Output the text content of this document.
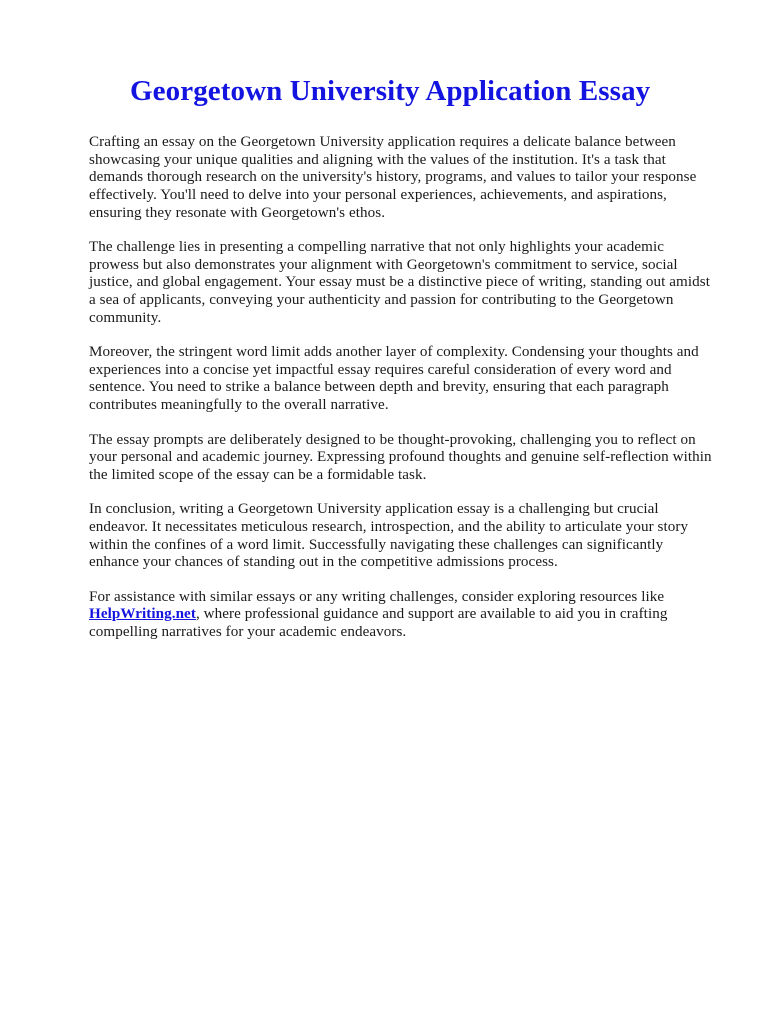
Georgetown University Application Essay

Crafting an essay on the Georgetown University application requires a delicate balance between showcasing your unique qualities and aligning with the values of the institution. It's a task that demands thorough research on the university's history, programs, and values to tailor your response effectively. You'll need to delve into your personal experiences, achievements, and aspirations, ensuring they resonate with Georgetown's ethos.

The challenge lies in presenting a compelling narrative that not only highlights your academic prowess but also demonstrates your alignment with Georgetown's commitment to service, social justice, and global engagement. Your essay must be a distinctive piece of writing, standing out amidst a sea of applicants, conveying your authenticity and passion for contributing to the Georgetown community.

Moreover, the stringent word limit adds another layer of complexity. Condensing your thoughts and experiences into a concise yet impactful essay requires careful consideration of every word and sentence. You need to strike a balance between depth and brevity, ensuring that each paragraph contributes meaningfully to the overall narrative.

The essay prompts are deliberately designed to be thought-provoking, challenging you to reflect on your personal and academic journey. Expressing profound thoughts and genuine self-reflection within the limited scope of the essay can be a formidable task.

In conclusion, writing a Georgetown University application essay is a challenging but crucial endeavor. It necessitates meticulous research, introspection, and the ability to articulate your story within the confines of a word limit. Successfully navigating these challenges can significantly enhance your chances of standing out in the competitive admissions process.

For assistance with similar essays or any writing challenges, consider exploring resources like HelpWriting.net, where professional guidance and support are available to aid you in crafting compelling narratives for your academic endeavors.
